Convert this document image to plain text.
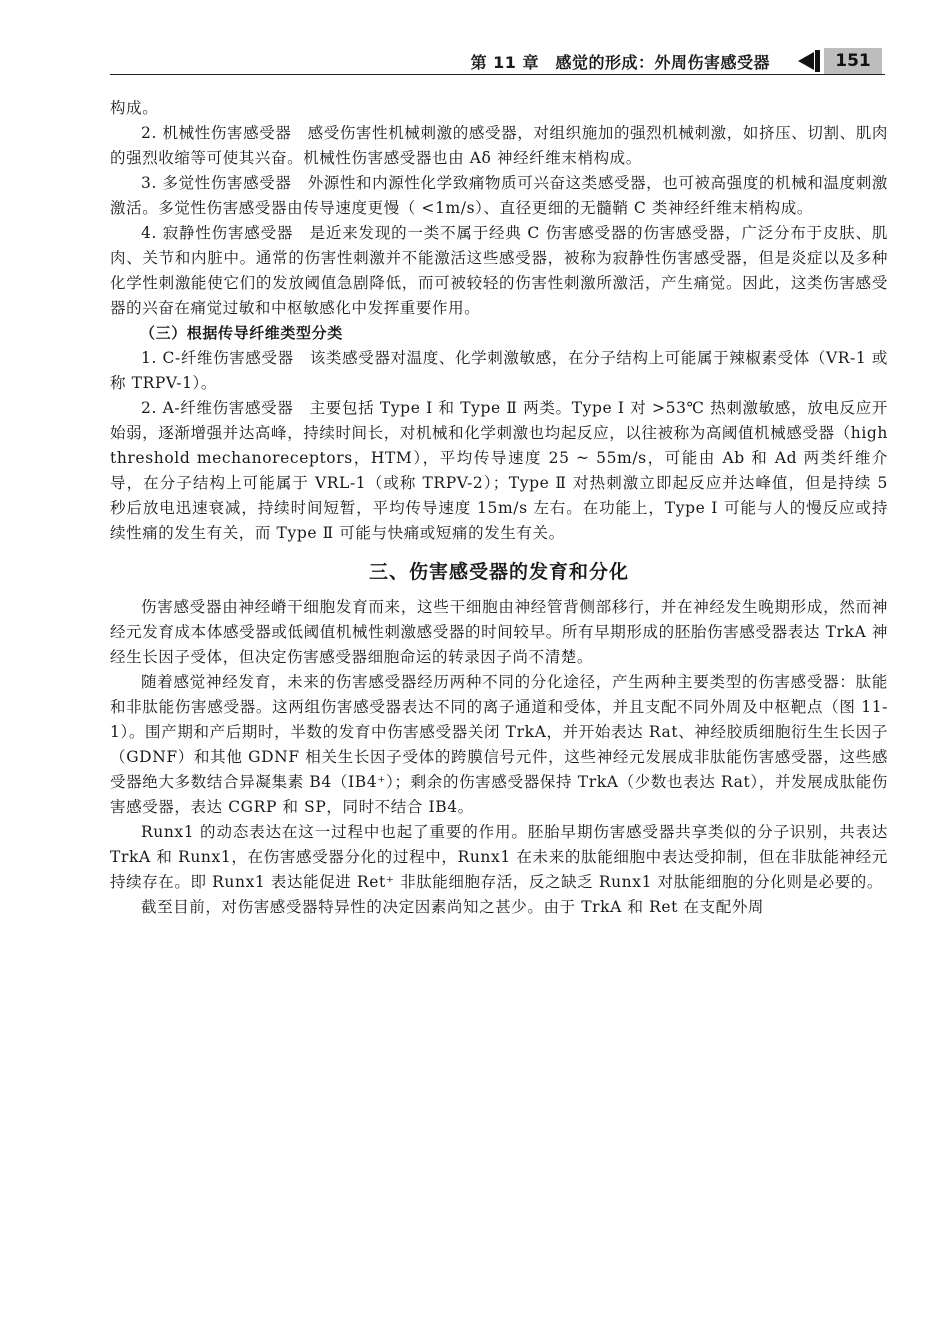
第 11 章　感觉的形成：外周伤害感受器	151

构成。

2. 机械性伤害感受器　 感受伤害性机械刺激的感受器，对组织施加的强烈机械刺激，如挤压、切割、肌肉的强烈收缩等可使其兴奋。机械性伤害感受器也由 Aδ 神经纤维末梢构成。

3. 多觉性伤害感受器　 外源性和内源性化学致痛物质可兴奋这类感受器，也可被高强度的机械和温度刺激激活。多觉性伤害感受器由传导速度更慢（ <1m/s）、直径更细的无髓鞘 C 类神经纤维末梢构成。

4. 寂静性伤害感受器　 是近来发现的一类不属于经典 C 伤害感受器的伤害感受器，广泛分布于皮肤、肌肉、关节和内脏中。通常的伤害性刺激并不能激活这些感受器，被称为寂静性伤害感受器，但是炎症以及多种化学性刺激能使它们的发放阈值急剧降低，而可被较轻的伤害性刺激所激活，产生痛觉。因此，这类伤害感受器的兴奋在痛觉过敏和中枢敏感化中发挥重要作用。

（三）根据传导纤维类型分类

1. C-纤维伤害感受器　 该类感受器对温度、化学刺激敏感，在分子结构上可能属于辣椒素受体（VR-1 或称 TRPV-1）。

2. A-纤维伤害感受器　 主要包括 Type Ⅰ 和 Type Ⅱ 两类。Type Ⅰ 对 >53℃ 热刺激敏感，放电反应开始弱，逐渐增强并达高峰，持续时间长，对机械和化学刺激也均起反应，以往被称为高阈值机械感受器（high threshold mechanoreceptors，HTM），平均传导速度 25 ~ 55m/s，可能由 Ab 和 Ad 两类纤维介导，在分子结构上可能属于 VRL-1（或称 TRPV-2）；Type Ⅱ 对热刺激立即起反应并达峰值，但是持续 5 秒后放电迅速衰减，持续时间短暂，平均传导速度 15m/s 左右。在功能上，Type Ⅰ 可能与人的慢反应或持续性痛的发生有关，而 Type Ⅱ 可能与快痛或短痛的发生有关。

三、伤害感受器的发育和分化

伤害感受器由神经嵴干细胞发育而来，这些干细胞由神经管背侧部移行，并在神经发生晚期形成，然而神经元发育成本体感受器或低阈值机械性刺激感受器的时间较早。所有早期形成的胚胎伤害感受器表达 TrkA 神经生长因子受体，但决定伤害感受器细胞命运的转录因子尚不清楚。

随着感觉神经发育，未来的伤害感受器经历两种不同的分化途径，产生两种主要类型的伤害感受器：肽能和非肽能伤害感受器。这两组伤害感受器表达不同的离子通道和受体，并且支配不同外周及中枢靶点（图 11-1）。围产期和产后期时，半数的发育中伤害感受器关闭 TrkA，并开始表达 Rat、神经胶质细胞衍生生长因子（GDNF）和其他 GDNF 相关生长因子受体的跨膜信号元件，这些神经元发展成非肽能伤害感受器，这些感受器绝大多数结合异凝集素 B4（IB4⁺）；剩余的伤害感受器保持 TrkA（少数也表达 Rat），并发展成肽能伤害感受器，表达 CGRP 和 SP，同时不结合 IB4。

Runx1 的动态表达在这一过程中也起了重要的作用。胚胎早期伤害感受器共享类似的分子识别，共表达 TrkA 和 Runx1，在伤害感受器分化的过程中，Runx1 在未来的肽能细胞中表达受抑制，但在非肽能神经元持续存在。即 Runx1 表达能促进 Ret⁺ 非肽能细胞存活，反之缺乏 Runx1 对肽能细胞的分化则是必要的。

截至目前，对伤害感受器特异性的决定因素尚知之甚少。由于 TrkA 和 Ret 在支配外周
